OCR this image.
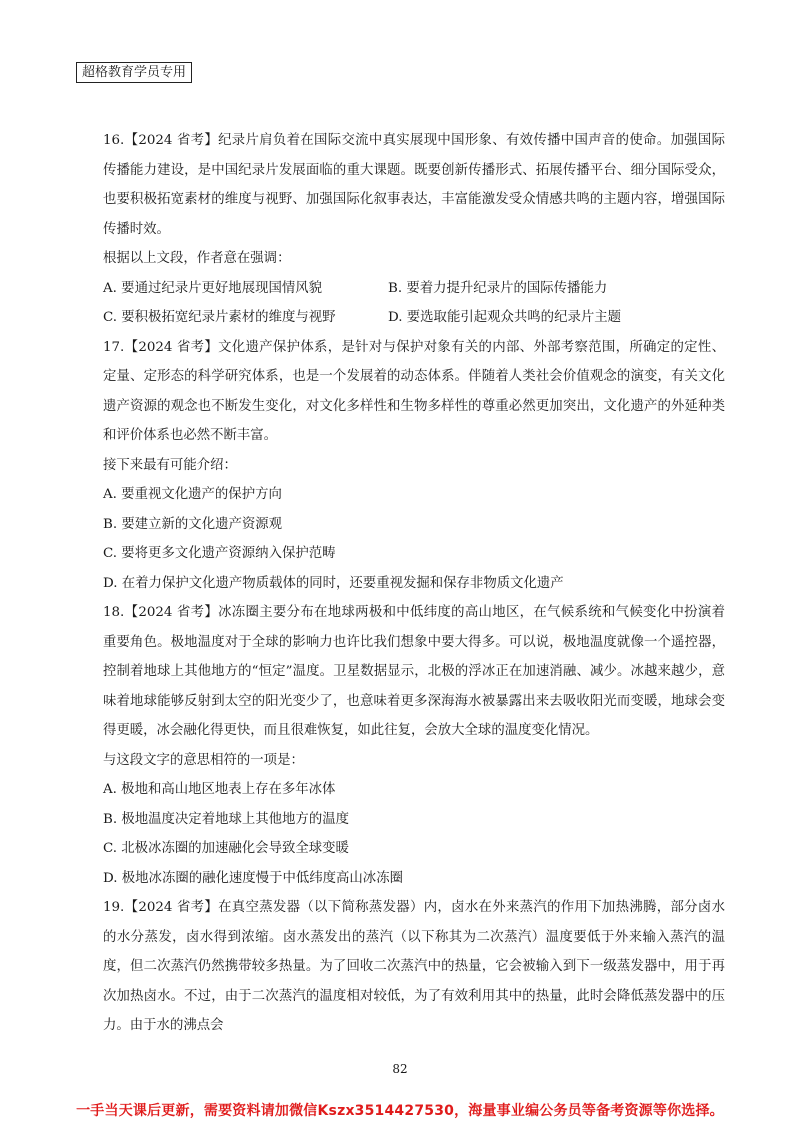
超格教育学员专用

16.【2024 省考】纪录片肩负着在国际交流中真实展现中国形象、有效传播中国声音的使命。加强国际传播能力建设，是中国纪录片发展面临的重大课题。既要创新传播形式、拓展传播平台、细分国际受众，也要积极拓宽素材的维度与视野、加强国际化叙事表达，丰富能激发受众情感共鸣的主题内容，增强国际传播时效。

根据以上文段，作者意在强调：

A. 要通过纪录片更好地展现国情风貌	B. 要着力提升纪录片的国际传播能力
C. 要积极拓宽纪录片素材的维度与视野	D. 要选取能引起观众共鸣的纪录片主题

17.【2024 省考】文化遗产保护体系，是针对与保护对象有关的内部、外部考察范围，所确定的定性、定量、定形态的科学研究体系，也是一个发展着的动态体系。伴随着人类社会价值观念的演变，有关文化遗产资源的观念也不断发生变化，对文化多样性和生物多样性的尊重必然更加突出，文化遗产的外延种类和评价体系也必然不断丰富。

接下来最有可能介绍：

A. 要重视文化遗产的保护方向

B. 要建立新的文化遗产资源观

C. 要将更多文化遗产资源纳入保护范畴

D. 在着力保护文化遗产物质载体的同时，还要重视发掘和保存非物质文化遗产

18.【2024 省考】冰冻圈主要分布在地球两极和中低纬度的高山地区，在气候系统和气候变化中扮演着重要角色。极地温度对于全球的影响力也许比我们想象中要大得多。可以说，极地温度就像一个遥控器，控制着地球上其他地方的“恒定”温度。卫星数据显示，北极的浮冰正在加速消融、减少。冰越来越少，意味着地球能够反射到太空的阳光变少了，也意味着更多深海海水被暴露出来去吸收阳光而变暖，地球会变得更暖，冰会融化得更快，而且很难恢复，如此往复，会放大全球的温度变化情况。

与这段文字的意思相符的一项是：

A. 极地和高山地区地表上存在多年冰体

B. 极地温度决定着地球上其他地方的温度

C. 北极冰冻圈的加速融化会导致全球变暖

D. 极地冰冻圈的融化速度慢于中低纬度高山冰冻圈

19.【2024 省考】在真空蒸发器（以下简称蒸发器）内，卤水在外来蒸汽的作用下加热沸腾，部分卤水的水分蒸发，卤水得到浓缩。卤水蒸发出的蒸汽（以下称其为二次蒸汽）温度要低于外来输入蒸汽的温度，但二次蒸汽仍然携带较多热量。为了回收二次蒸汽中的热量，它会被输入到下一级蒸发器中，用于再次加热卤水。不过，由于二次蒸汽的温度相对较低，为了有效利用其中的热量，此时会降低蒸发器中的压力。由于水的沸点会

82
一手当天课后更新，需要资料请加微信Kszx3514427530，海量事业编公务员等备考资源等你选择。
